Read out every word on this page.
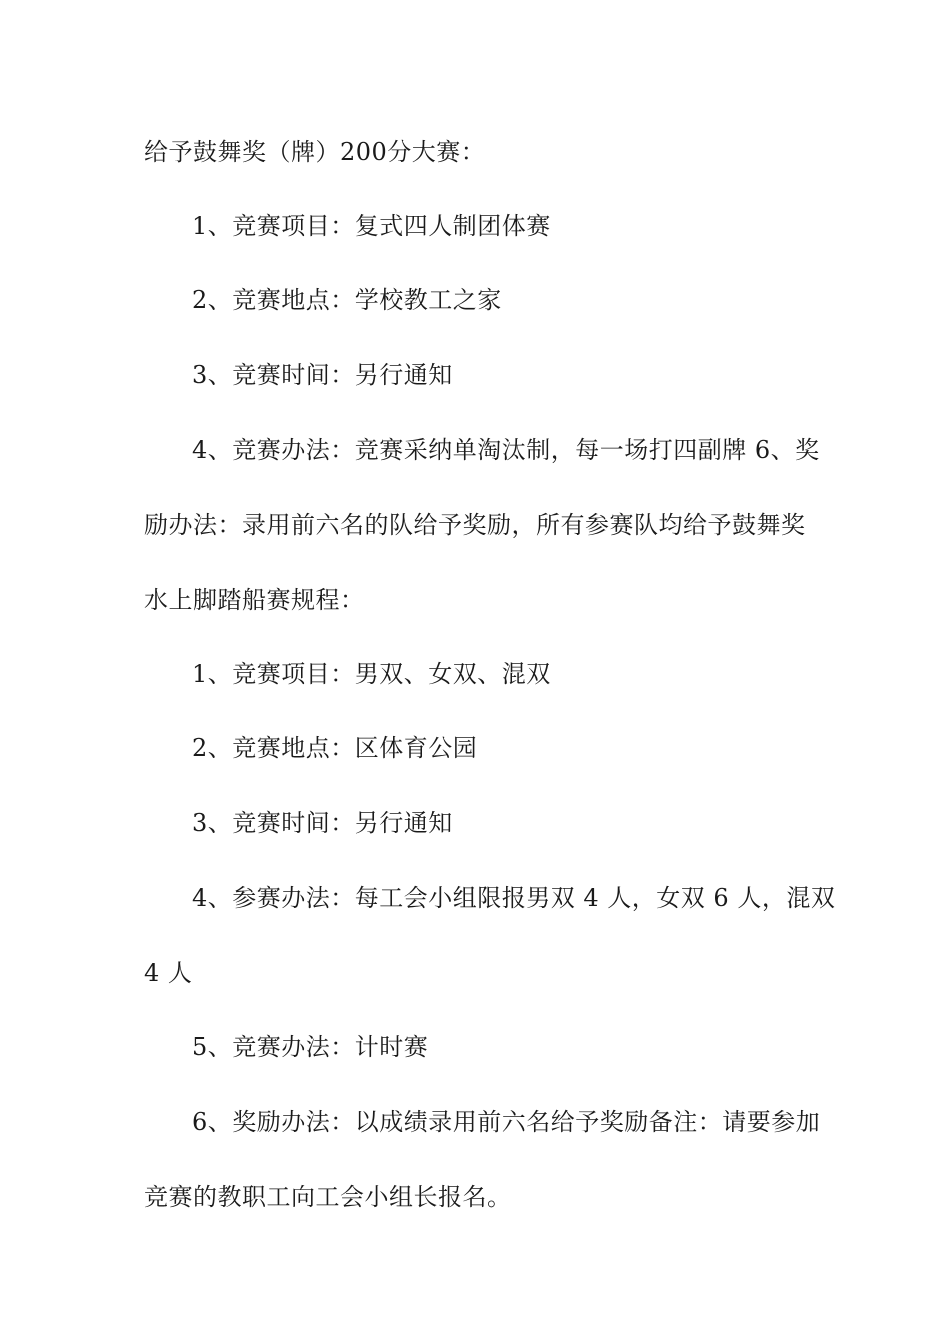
给予鼓舞奖（牌）200分大赛：
1、竞赛项目：复式四人制团体赛
2、竞赛地点：学校教工之家
3、竞赛时间：另行通知
4、竞赛办法：竞赛采纳单淘汰制，每一场打四副牌 6、奖
励办法：录用前六名的队给予奖励，所有参赛队均给予鼓舞奖
水上脚踏船赛规程：
1、竞赛项目：男双、女双、混双
2、竞赛地点：区体育公园
3、竞赛时间：另行通知
4、参赛办法：每工会小组限报男双 4 人，女双 6 人，混双
4 人
5、竞赛办法：计时赛
6、奖励办法：以成绩录用前六名给予奖励备注：请要参加
竞赛的教职工向工会小组长报名。
